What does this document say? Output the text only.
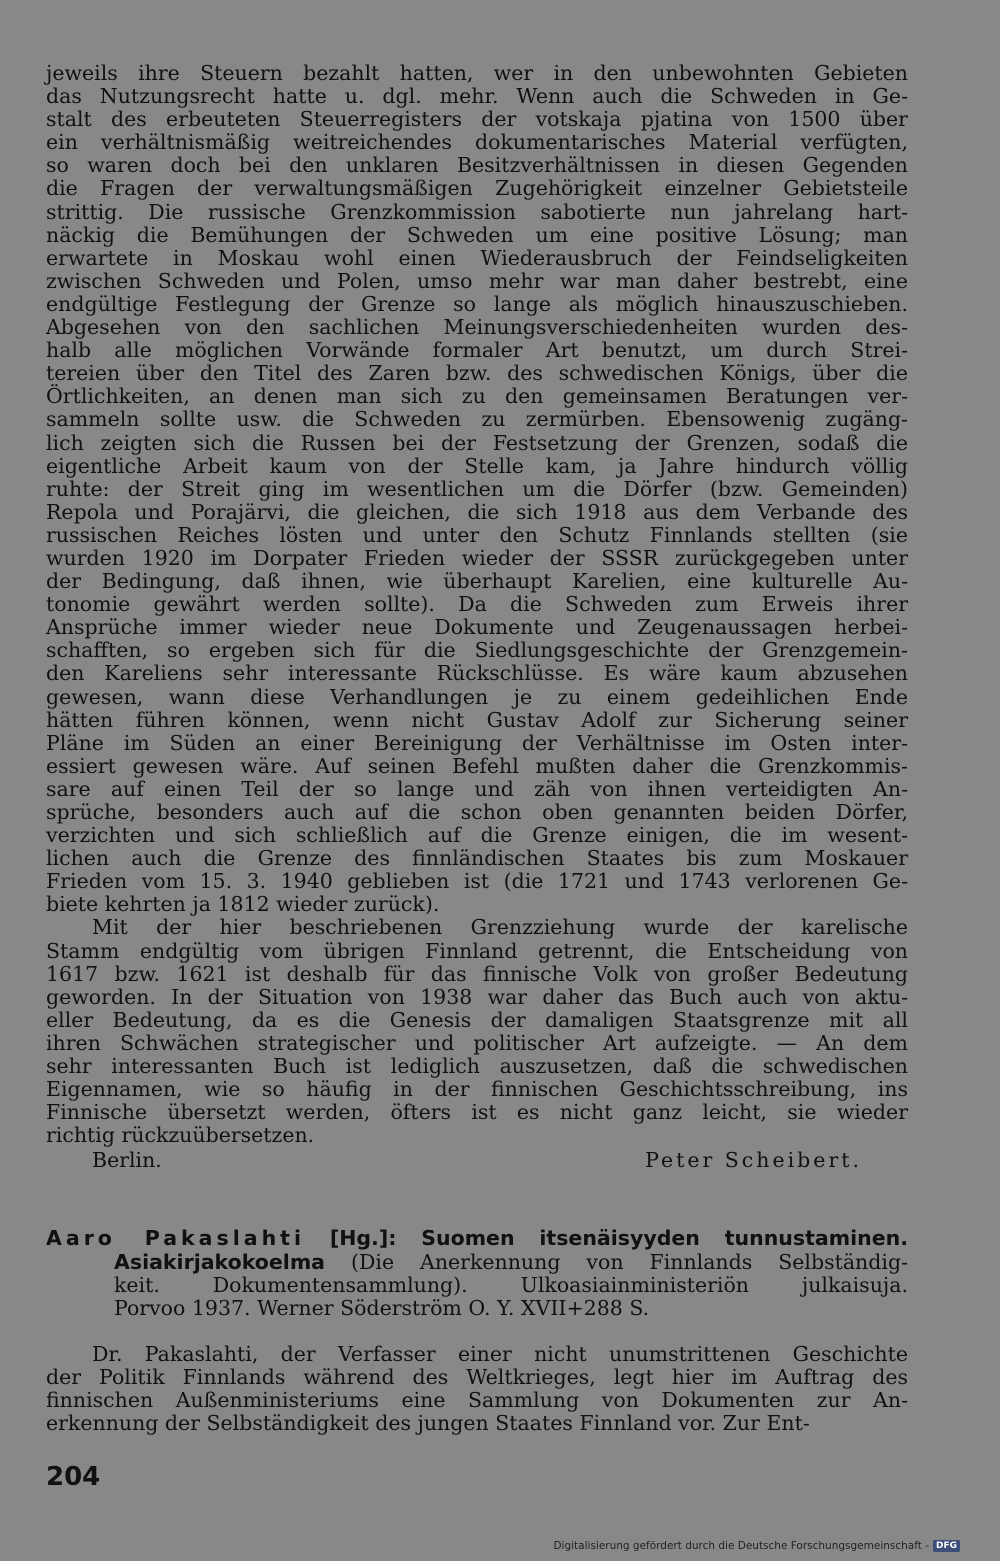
jeweils ihre Steuern bezahlt hatten, wer in den unbewohnten Gebieten

das Nutzungsrecht hatte u. dgl. mehr. Wenn auch die Schweden in Ge-

stalt des erbeuteten Steuerregisters der votskaja pjatina von 1500 über

ein verhältnismäßig weitreichendes dokumentarisches Material verfügten,

so waren doch bei den unklaren Besitzverhältnissen in diesen Gegenden

die Fragen der verwaltungsmäßigen Zugehörigkeit einzelner Gebietsteile

strittig. Die russische Grenzkommission sabotierte nun jahrelang hart-

näckig die Bemühungen der Schweden um eine positive Lösung; man

erwartete in Moskau wohl einen Wiederausbruch der Feindseligkeiten

zwischen Schweden und Polen, umso mehr war man daher bestrebt, eine

endgültige Festlegung der Grenze so lange als möglich hinauszuschieben.

Abgesehen von den sachlichen Meinungsverschiedenheiten wurden des-

halb alle möglichen Vorwände formaler Art benutzt, um durch Strei-

tereien über den Titel des Zaren bzw. des schwedischen Königs, über die

Örtlichkeiten, an denen man sich zu den gemeinsamen Beratungen ver-

sammeln sollte usw. die Schweden zu zermürben. Ebensowenig zugäng-

lich zeigten sich die Russen bei der Festsetzung der Grenzen, sodaß die

eigentliche Arbeit kaum von der Stelle kam, ja Jahre hindurch völlig

ruhte: der Streit ging im wesentlichen um die Dörfer (bzw. Gemeinden)

Repola und Porajärvi, die gleichen, die sich 1918 aus dem Verbande des

russischen Reiches lösten und unter den Schutz Finnlands stellten (sie

wurden 1920 im Dorpater Frieden wieder der SSSR zurückgegeben unter

der Bedingung, daß ihnen, wie überhaupt Karelien, eine kulturelle Au-

tonomie gewährt werden sollte). Da die Schweden zum Erweis ihrer

Ansprüche immer wieder neue Dokumente und Zeugenaussagen herbei-

schafften, so ergeben sich für die Siedlungsgeschichte der Grenzgemein-

den Kareliens sehr interessante Rückschlüsse. Es wäre kaum abzusehen

gewesen, wann diese Verhandlungen je zu einem gedeihlichen Ende

hätten führen können, wenn nicht Gustav Adolf zur Sicherung seiner

Pläne im Süden an einer Bereinigung der Verhältnisse im Osten inter-

essiert gewesen wäre. Auf seinen Befehl mußten daher die Grenzkommis-

sare auf einen Teil der so lange und zäh von ihnen verteidigten An-

sprüche, besonders auch auf die schon oben genannten beiden Dörfer,

verzichten und sich schließlich auf die Grenze einigen, die im wesent-

lichen auch die Grenze des finnländischen Staates bis zum Moskauer

Frieden vom 15. 3. 1940 geblieben ist (die 1721 und 1743 verlorenen Ge-

biete kehrten ja 1812 wieder zurück).

Mit der hier beschriebenen Grenzziehung wurde der karelische

Stamm endgültig vom übrigen Finnland getrennt, die Entscheidung von

1617 bzw. 1621 ist deshalb für das finnische Volk von großer Bedeutung

geworden. In der Situation von 1938 war daher das Buch auch von aktu-

eller Bedeutung, da es die Genesis der damaligen Staatsgrenze mit all

ihren Schwächen strategischer und politischer Art aufzeigte. — An dem

sehr interessanten Buch ist lediglich auszusetzen, daß die schwedischen

Eigennamen, wie so häufig in der finnischen Geschichtsschreibung, ins

Finnische übersetzt werden, öfters ist es nicht ganz leicht, sie wieder

richtig rückzuübersetzen.

Berlin.	Peter Scheibert.

Aaro Pakaslahti [Hg.]: Suomen itsenäisyyden tunnustaminen.

Asiakirjakokoelma (Die Anerkennung von Finnlands Selbständig-

keit. Dokumentensammlung). Ulkoasiainministeriön julkaisuja.

Porvoo 1937. Werner Söderström O. Y. XVII+288 S.

Dr. Pakaslahti, der Verfasser einer nicht unumstrittenen Geschichte

der Politik Finnlands während des Weltkrieges, legt hier im Auftrag des

finnischen Außenministeriums eine Sammlung von Dokumenten zur An-

erkennung der Selbständigkeit des jungen Staates Finnland vor. Zur Ent-

204
Digitalisierung gefördert durch die Deutsche Forschungsgemeinschaft - DFG
